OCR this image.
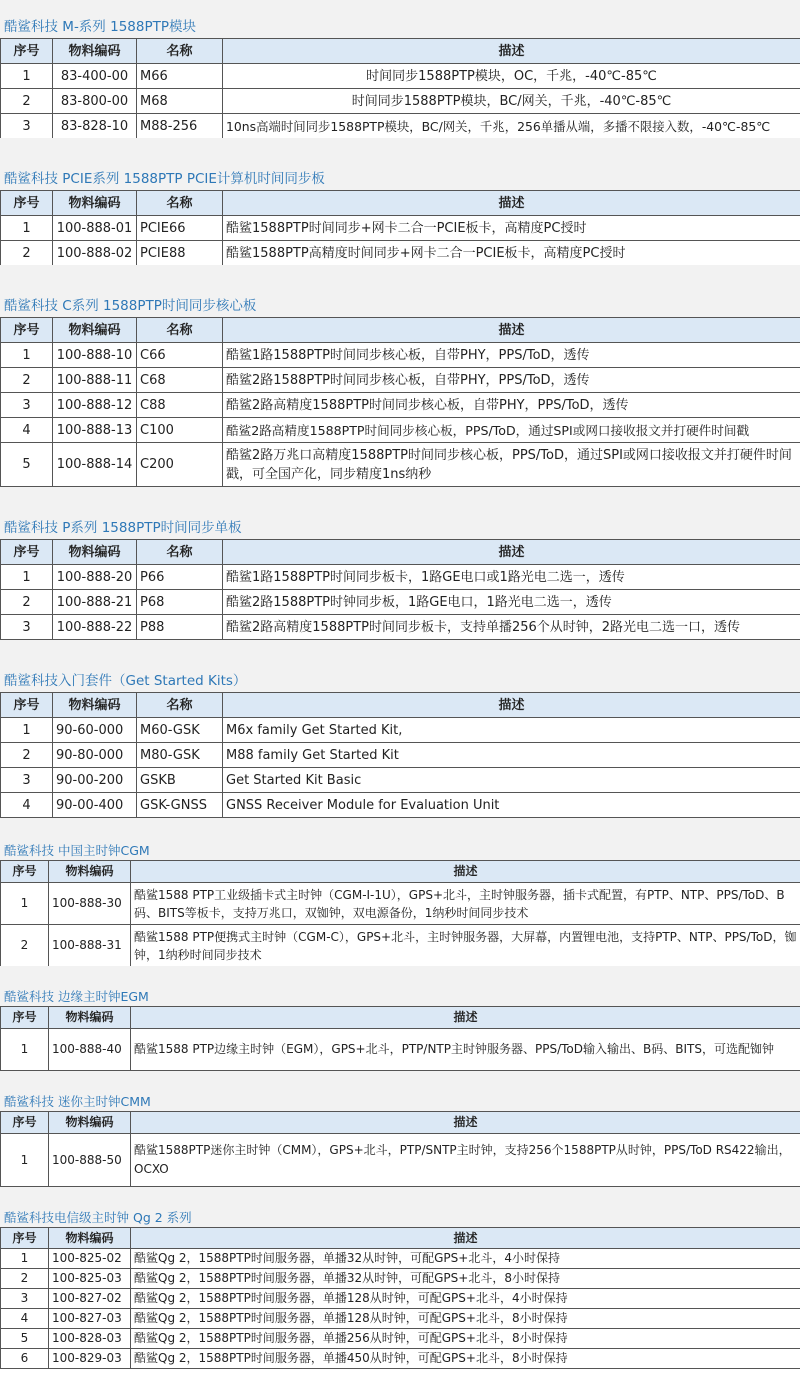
酷鲨科技 M-系列 1588PTP模块
序号	物料编码	名称	描述
1	83-400-00	M66	时间同步1588PTP模块，OC，千兆，-40℃-85℃
2	83-800-00	M68	时间同步1588PTP模块，BC/网关，千兆，-40℃-85℃
3	83-828-10	M88-256	10ns高端时间同步1588PTP模块，BC/网关，千兆，256单播从端，多播不限接入数，-40℃-85℃
酷鲨科技 PCIE系列 1588PTP PCIE计算机时间同步板
序号	物料编码	名称	描述
1	100-888-01	PCIE66	酷鲨1588PTP时间同步+网卡二合一PCIE板卡，高精度PC授时
2	100-888-02	PCIE88	酷鲨1588PTP高精度时间同步+网卡二合一PCIE板卡，高精度PC授时
酷鲨科技 C系列 1588PTP时间同步核心板
序号	物料编码	名称	描述
1	100-888-10	C66	酷鲨1路1588PTP时间同步核心板，自带PHY，PPS/ToD，透传
2	100-888-11	C68	酷鲨2路1588PTP时间同步核心板，自带PHY，PPS/ToD，透传
3	100-888-12	C88	酷鲨2路高精度1588PTP时间同步核心板，自带PHY，PPS/ToD，透传
4	100-888-13	C100	酷鲨2路高精度1588PTP时间同步核心板，PPS/ToD，通过SPI或网口接收报文并打硬件时间戳
5	100-888-14	C200	酷鲨2路万兆口高精度1588PTP时间同步核心板，PPS/ToD，通过SPI或网口接收报文并打硬件时间戳，可全国产化，同步精度1ns纳秒
酷鲨科技 P系列 1588PTP时间同步单板
序号	物料编码	名称	描述
1	100-888-20	P66	酷鲨1路1588PTP时间同步板卡，1路GE电口或1路光电二选一，透传
2	100-888-21	P68	酷鲨2路1588PTP时钟同步板，1路GE电口，1路光电二选一，透传
3	100-888-22	P88	酷鲨2路高精度1588PTP时间同步板卡，支持单播256个从时钟，2路光电二选一口，透传
酷鲨科技入门套件（Get Started Kits）
序号	物料编码	名称	描述
1	90-60-000	M60-GSK	M6x family Get Started Kit,
2	90-80-000	M80-GSK	M88 family Get Started Kit
3	90-00-200	GSKB	Get Started Kit Basic
4	90-00-400	GSK-GNSS	GNSS Receiver Module for Evaluation Unit
酷鲨科技 中国主时钟CGM
序号	物料编码	描述
1	100-888-30	酷鲨1588 PTP工业级插卡式主时钟（CGM-I-1U），GPS+北斗，主时钟服务器，插卡式配置，有PTP、NTP、PPS/ToD、B码、BITS等板卡，支持万兆口，双铷钟，双电源备份，1纳秒时间同步技术
2	100-888-31	酷鲨1588 PTP便携式主时钟（CGM-C），GPS+北斗，主时钟服务器，大屏幕，内置锂电池，支持PTP、NTP、PPS/ToD，铷钟，1纳秒时间同步技术
酷鲨科技 边缘主时钟EGM
序号	物料编码	描述
1	100-888-40	酷鲨1588 PTP边缘主时钟（EGM），GPS+北斗，PTP/NTP主时钟服务器、PPS/ToD输入输出、B码、BITS，可选配铷钟
酷鲨科技 迷你主时钟CMM
序号	物料编码	描述
1	100-888-50	酷鲨1588PTP迷你主时钟（CMM），GPS+北斗，PTP/SNTP主时钟，支持256个1588PTP从时钟，PPS/ToD RS422输出，OCXO
酷鲨科技电信级主时钟 Qg 2 系列
序号	物料编码	描述
1	100-825-02	酷鲨Qg 2，1588PTP时间服务器，单播32从时钟，可配GPS+北斗，4小时保持
2	100-825-03	酷鲨Qg 2，1588PTP时间服务器，单播32从时钟，可配GPS+北斗，8小时保持
3	100-827-02	酷鲨Qg 2，1588PTP时间服务器，单播128从时钟，可配GPS+北斗，4小时保持
4	100-827-03	酷鲨Qg 2，1588PTP时间服务器，单播128从时钟，可配GPS+北斗，8小时保持
5	100-828-03	酷鲨Qg 2，1588PTP时间服务器，单播256从时钟，可配GPS+北斗，8小时保持
6	100-829-03	酷鲨Qg 2，1588PTP时间服务器，单播450从时钟，可配GPS+北斗，8小时保持
